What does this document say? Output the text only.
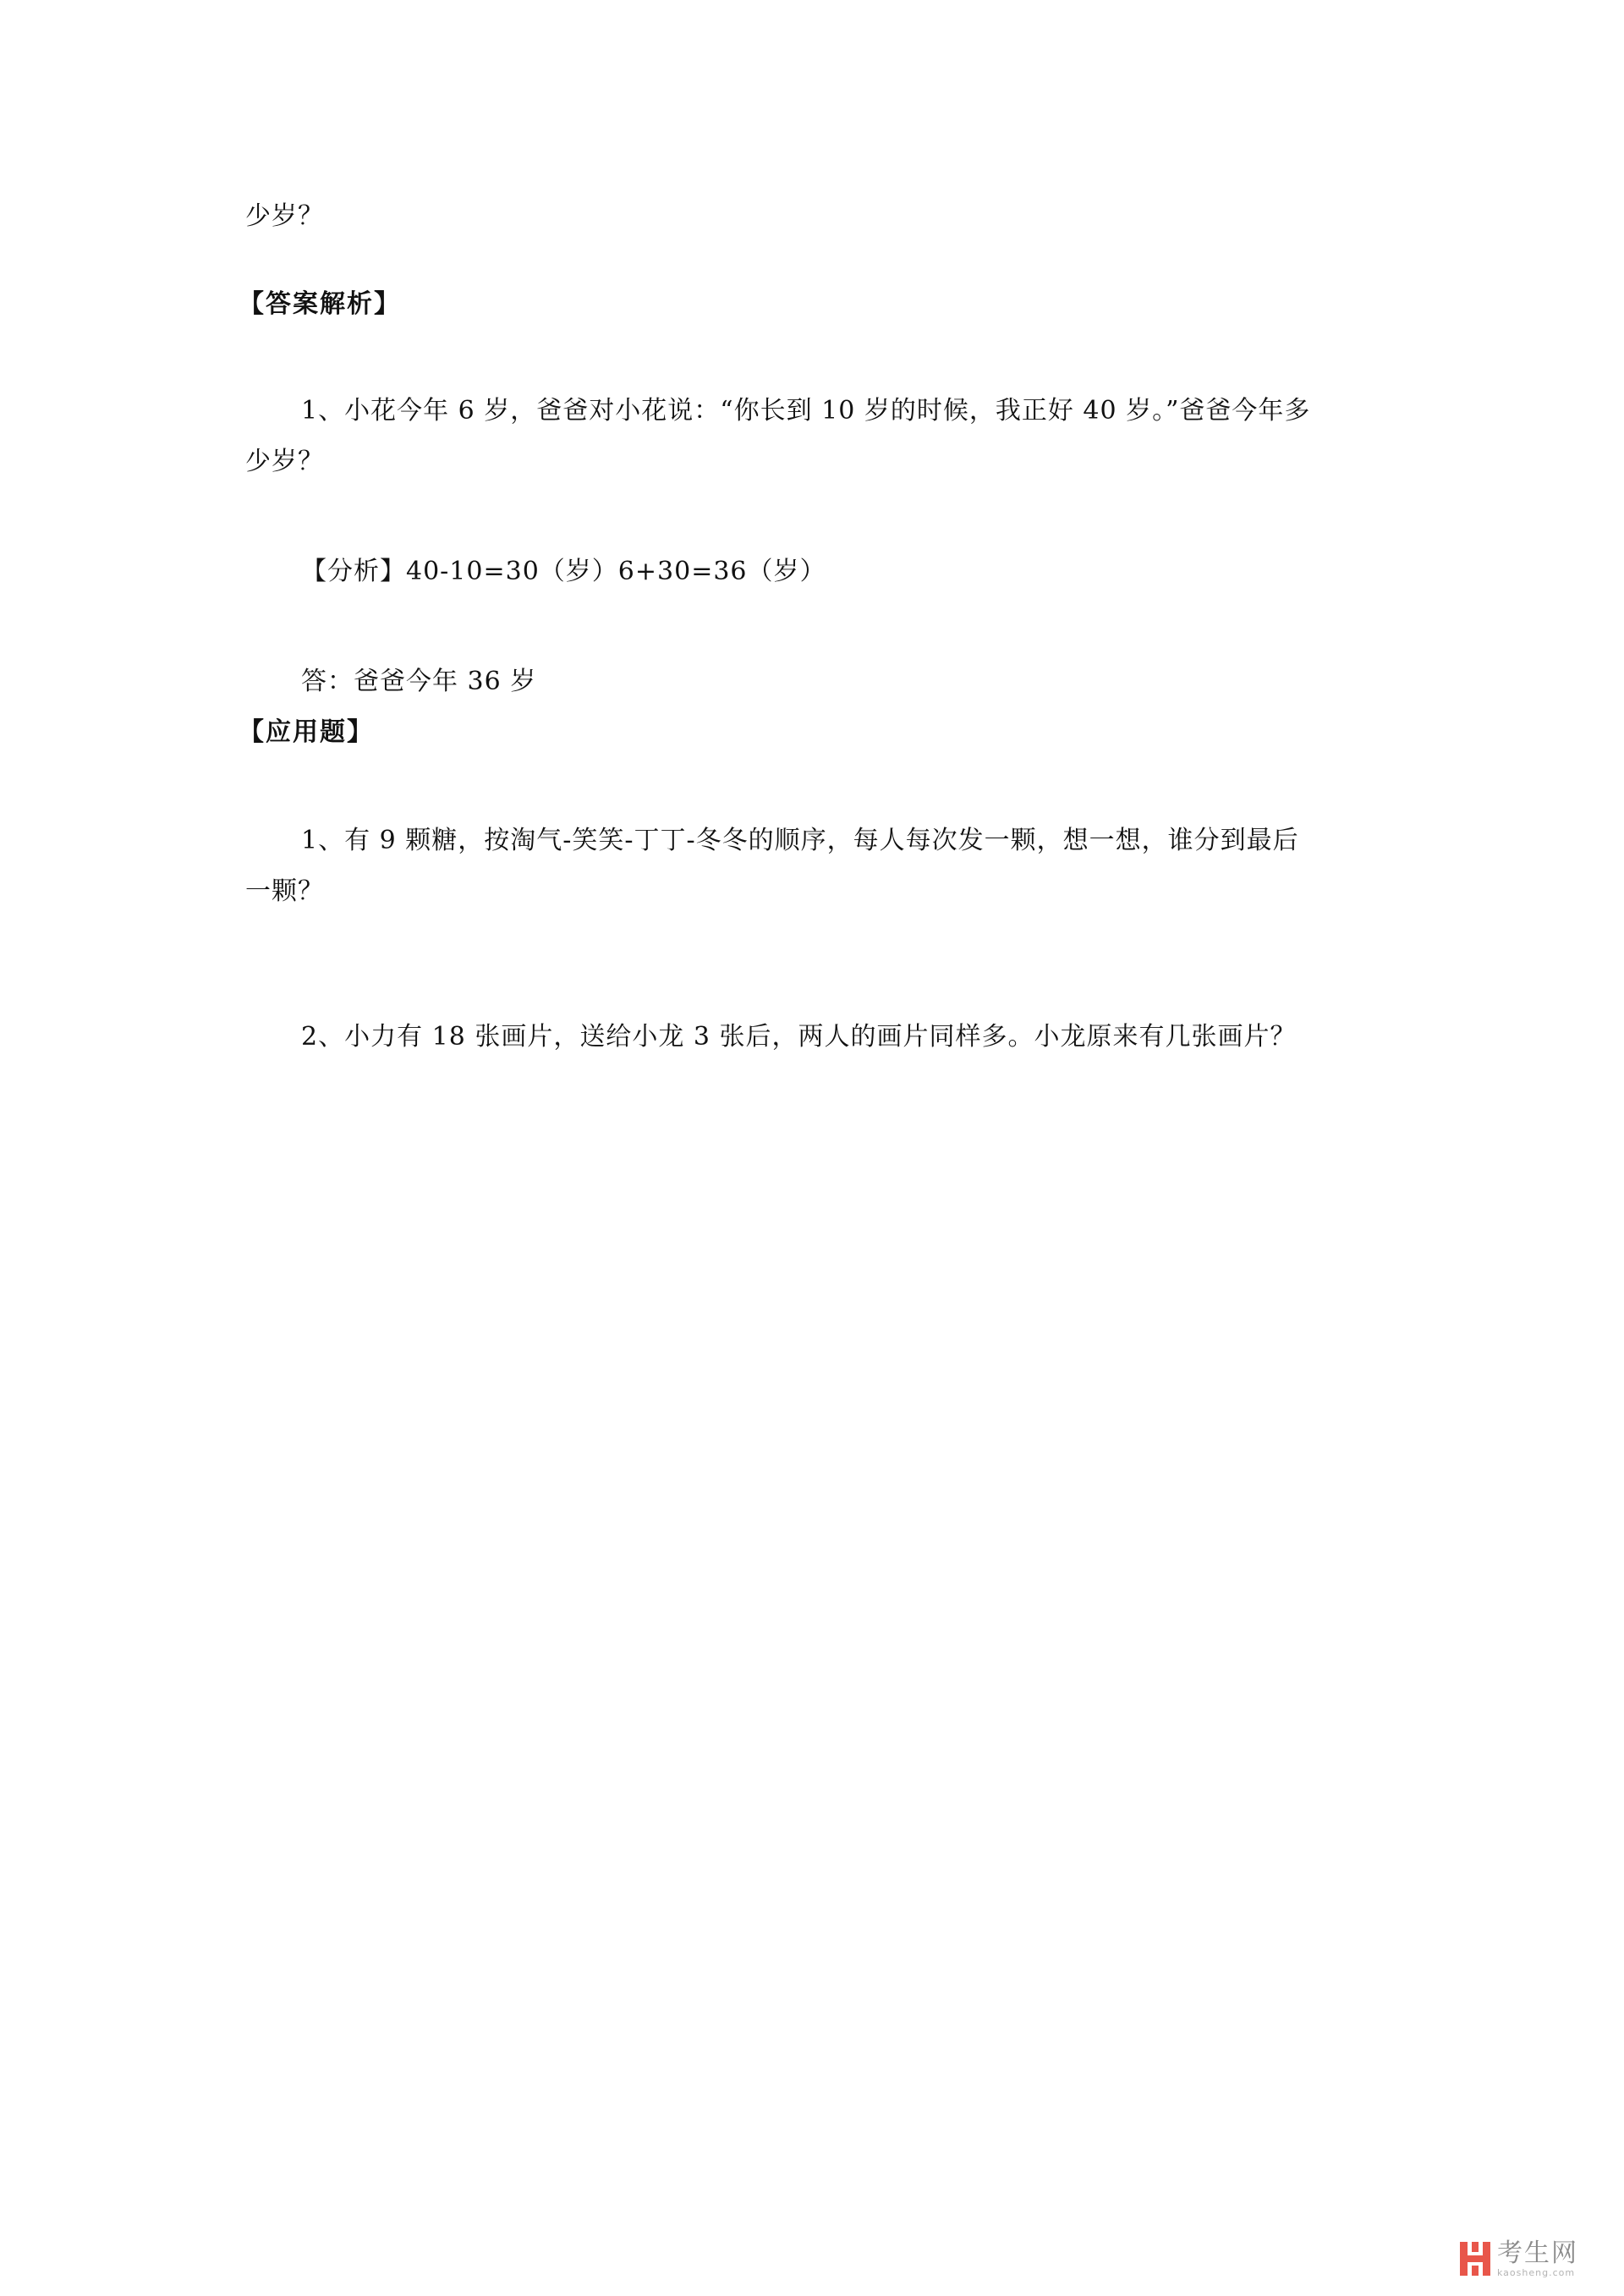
少岁？
【答案解析】
1、小花今年 6 岁，爸爸对小花说：“你长到 10 岁的时候，我正好 40 岁。”爸爸今年多
少岁？
【分析】40-10=30（岁）6+30=36（岁）
答：爸爸今年 36 岁
【应用题】
1、有 9 颗糖，按淘气-笑笑-丁丁-冬冬的顺序，每人每次发一颗，想一想，谁分到最后
一颗？
2、小力有 18 张画片，送给小龙 3 张后，两人的画片同样多。小龙原来有几张画片？
考生网
kaosheng.com
